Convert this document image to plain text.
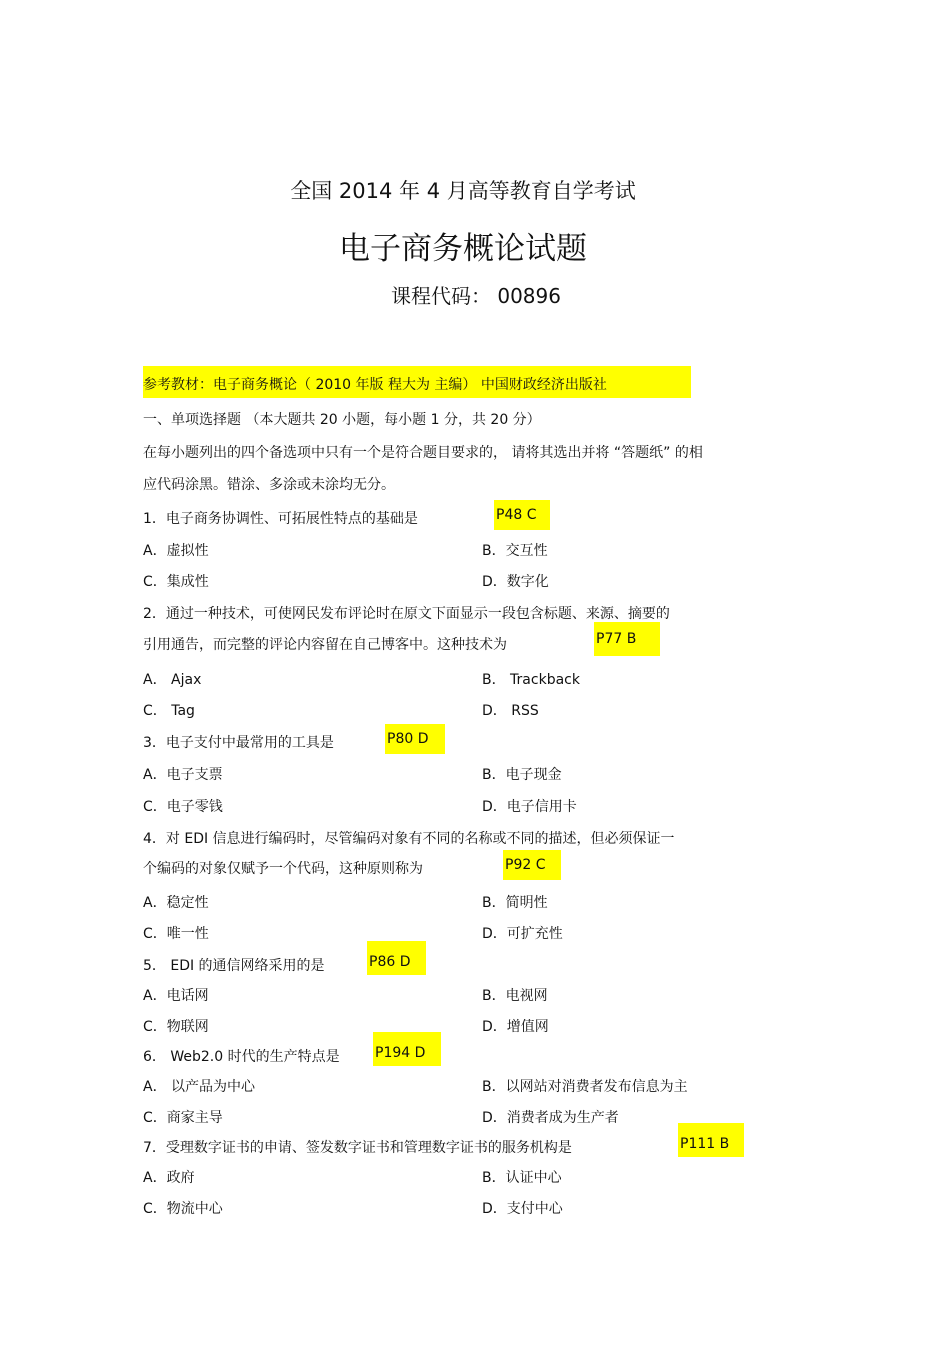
全国 2014 年 4 月高等教育自学考试
电子商务概论试题
课程代码： 00896
参考教材：电子商务概论（ 2010 年版 程大为 主编） 中国财政经济出版社
一、单项选择题 （本大题共 20 小题，每小题 1 分，共 20 分）
在每小题列出的四个备选项中只有一个是符合题目要求的， 请将其选出并将 “答题纸” 的相
应代码涂黑。错涂、多涂或未涂均无分。
1．电子商务协调性、可拓展性特点的基础是	P48 C
A．虚拟性	B．交互性
C．集成性	D．数字化
2．通过一种技术，可使网民发布评论时在原文下面显示一段包含标题、来源、摘要的
引用通告，而完整的评论内容留在自己博客中。这种技术为	P77 B
A． Ajax	B． Trackback
C． Tag	D． RSS
3．电子支付中最常用的工具是	P80 D
A．电子支票	B．电子现金
C．电子零钱	D．电子信用卡
4．对 EDI 信息进行编码时，尽管编码对象有不同的名称或不同的描述，但必须保证一
个编码的对象仅赋予一个代码，这种原则称为	P92 C
A．稳定性	B．简明性
C．唯一性	D．可扩充性
5． EDI 的通信网络采用的是	P86 D
A．电话网	B．电视网
C．物联网	D．增值网
6． Web2.0 时代的生产特点是	P194 D
A． 以产品为中心	B．以网站对消费者发布信息为主
C．商家主导	D．消费者成为生产者
7．受理数字证书的申请、签发数字证书和管理数字证书的服务机构是	P111 B
A．政府	B．认证中心
C．物流中心	D．支付中心
